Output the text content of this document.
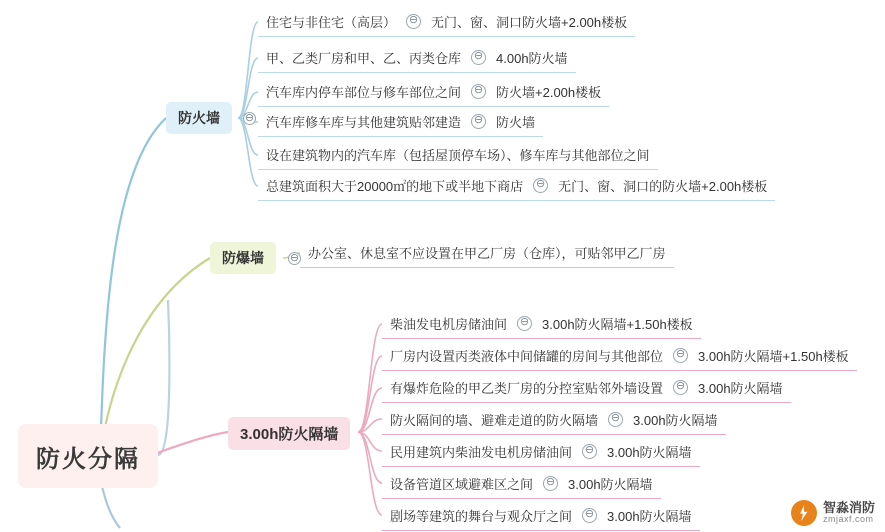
防火分隔
防火墙 ⊖
防爆墙 ⊖
3.00h防火隔墙
住宅与非住宅（高层） ⊖ 无门、窗、洞口防火墙+2.00h楼板
甲、乙类厂房和甲、乙、丙类仓库 ⊖ 4.00h防火墙
汽车库内停车部位与修车部位之间 ⊖ 防火墙+2.00h楼板
汽车库修车库与其他建筑贴邻建造 ⊖ 防火墙
设在建筑物内的汽车库（包括屋顶停车场）、修车库与其他部位之间
总建筑面积大于20000㎡的地下或半地下商店 ⊖ 无门、窗、洞口的防火墙+2.00h楼板
办公室、休息室不应设置在甲乙厂房（仓库），可贴邻甲乙厂房
柴油发电机房储油间 ⊖ 3.00h防火隔墙+1.50h楼板
厂房内设置丙类液体中间储罐的房间与其他部位 ⊖ 3.00h防火隔墙+1.50h楼板
有爆炸危险的甲乙类厂房的分控室贴邻外墙设置 ⊖ 3.00h防火隔墙
防火隔间的墙、避难走道的防火隔墙 ⊖ 3.00h防火隔墙
民用建筑内柴油发电机房储油间 ⊖ 3.00h防火隔墙
设备管道区域避难区之间 ⊖ 3.00h防火隔墙
剧场等建筑的舞台与观众厅之间 ⊖ 3.00h防火隔墙
智淼消防
zmjaxf.com
